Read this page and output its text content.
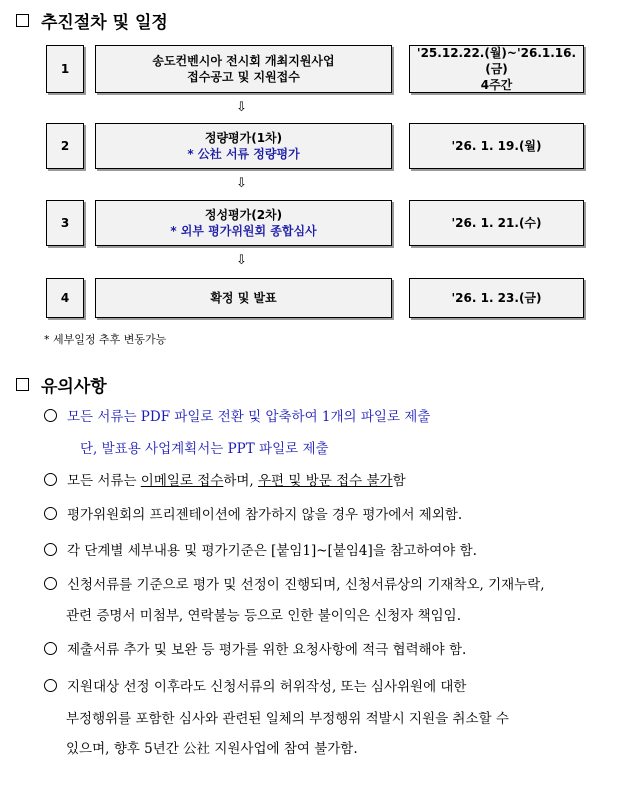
추진절차 및 일정
1
송도컨벤시아 전시회 개최지원사업
접수공고 및 지원접수
'25.12.22.(월)~'26.1.16.(금)
4주간
⇩
2
정량평가(1차)
* 公社 서류 정량평가
'26. 1. 19.(월)
⇩
3
정성평가(2차)
* 외부 평가위원회 종합심사
'26. 1. 21.(수)
⇩
4	확정 및 발표	'26. 1. 23.(금)
* 세부일정 추후 변동가능
유의사항
모든 서류는 PDF 파일로 전환 및 압축하여 1개의 파일로 제출
단, 발표용 사업계획서는 PPT 파일로 제출
모든 서류는 이메일로 접수하며, 우편 및 방문 접수 불가함
평가위원회의 프리젠테이션에 참가하지 않을 경우 평가에서 제외함.
각 단계별 세부내용 및 평가기준은 [붙임1]~[붙임4]을 참고하여야 함.
신청서류를 기준으로 평가 및 선정이 진행되며, 신청서류상의 기재착오, 기재누락,
관련 증명서 미첨부, 연락불능 등으로 인한 불이익은 신청자 책임임.
제출서류 추가 및 보완 등 평가를 위한 요청사항에 적극 협력해야 함.
지원대상 선정 이후라도 신청서류의 허위작성, 또는 심사위원에 대한
부정행위를 포함한 심사와 관련된 일체의 부정행위 적발시 지원을 취소할 수
있으며, 향후 5년간 公社 지원사업에 참여 불가함.
